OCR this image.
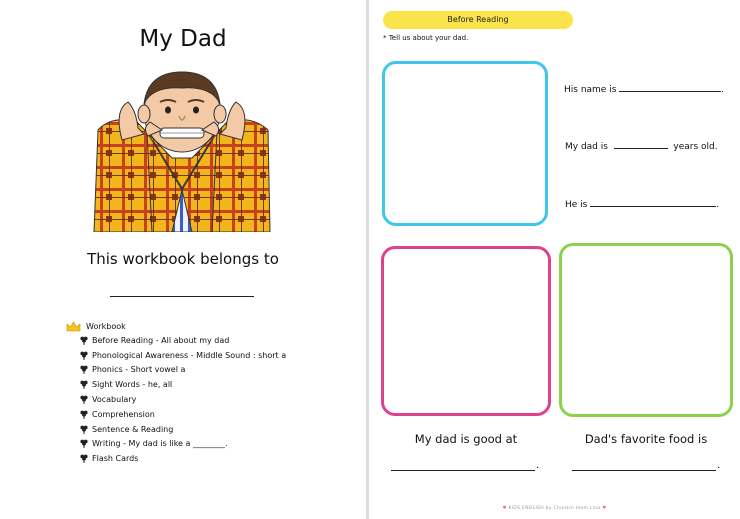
My Dad
This workbook belongs to
Workbook
Before Reading - All about my dad
Phonological Awareness - Middle Sound : short a
Phonics - Short vowel a
Sight Words - he, all
Vocabulary
Comprehension
Sentence & Reading
Writing - My dad is like a ________.
Flash Cards
Before Reading
* Tell us about your dad.
His name is	.
My dad is	years old.
He is	.
My dad is good at	Dad's favorite food is
.	.
♥ KIDS ENGLISH by Chunkin mom Lina ♥
